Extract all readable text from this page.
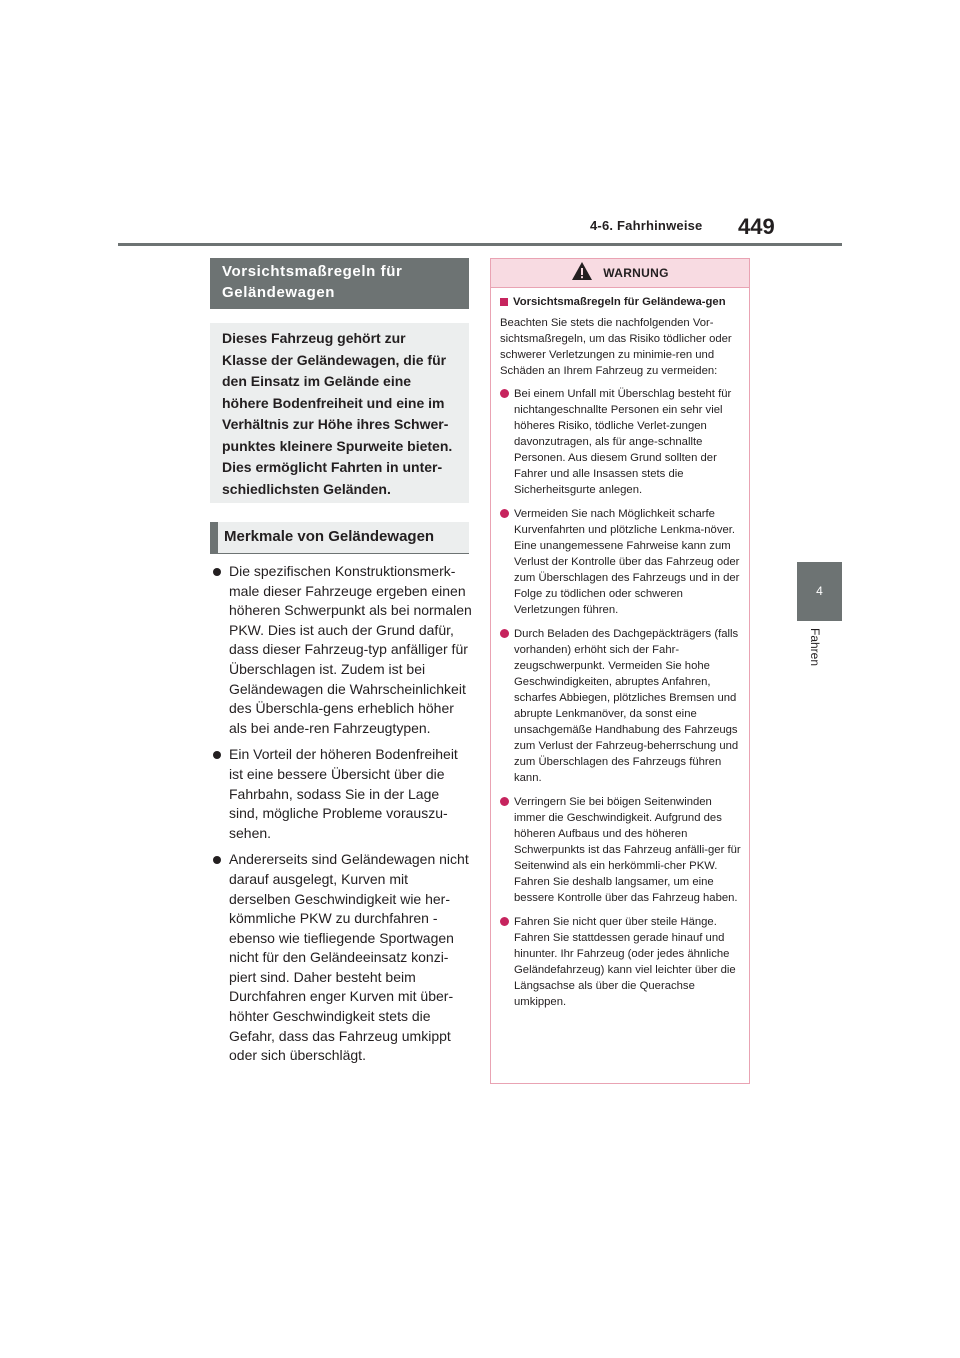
4-6. Fahrhinweise 449
4
Fahren
Vorsichtsmaßregeln für Geländewagen

Dieses Fahrzeug gehört zur

Klasse der Geländewagen, die für

den Einsatz im Gelände eine

höhere Bodenfreiheit und eine im

Verhältnis zur Höhe ihres Schwer-

punktes kleinere Spurweite bieten.

Dies ermöglicht Fahrten in unter-

schiedlichsten Geländen.

Merkmale von Geländewagen
Die spezifischen Konstruktionsmerk-male dieser Fahrzeuge ergeben einen höheren Schwerpunkt als bei normalen PKW. Dies ist auch der Grund dafür, dass dieser Fahrzeug-typ anfälliger für Überschlagen ist. Zudem ist bei Geländewagen die Wahrscheinlichkeit des Überschla-gens erheblich höher als bei ande-ren Fahrzeugtypen.
Ein Vorteil der höheren Bodenfreiheit ist eine bessere Übersicht über die Fahrbahn, sodass Sie in der Lage sind, mögliche Probleme vorauszu-sehen.
Andererseits sind Geländewagen nicht darauf ausgelegt, Kurven mit derselben Geschwindigkeit wie her-kömmliche PKW zu durchfahren - ebenso wie tiefliegende Sportwagen nicht für den Geländeeinsatz konzi-piert sind. Daher besteht beim Durchfahren enger Kurven mit über-höhter Geschwindigkeit stets die Gefahr, dass das Fahrzeug umkippt oder sich überschlägt.
WARNUNG
Vorsichtsmaßregeln für Geländewa-gen

Beachten Sie stets die nachfolgenden Vor-sichtsmaßregeln, um das Risiko tödlicher oder schwerer Verletzungen zu minimie-ren und Schäden an Ihrem Fahrzeug zu vermeiden:

Bei einem Unfall mit Überschlag besteht für nichtangeschnallte Personen ein sehr viel höheres Risiko, tödliche Verlet-zungen davonzutragen, als für ange-schnallte Personen. Aus diesem Grund sollten der Fahrer und alle Insassen stets die Sicherheitsgurte anlegen.
Vermeiden Sie nach Möglichkeit scharfe Kurvenfahrten und plötzliche Lenkma-növer.
Eine unangemessene Fahrweise kann zum Verlust der Kontrolle über das Fahrzeug oder zum Überschlagen des Fahrzeugs und in der Folge zu tödlichen oder schweren Verletzungen führen.
Durch Beladen des Dachgepäckträgers (falls vorhanden) erhöht sich der Fahr-zeugschwerpunkt. Vermeiden Sie hohe Geschwindigkeiten, abruptes Anfahren, scharfes Abbiegen, plötzliches Bremsen und abrupte Lenkmanöver, da sonst eine unsachgemäße Handhabung des Fahrzeugs zum Verlust der Fahrzeug-beherrschung und zum Überschlagen des Fahrzeugs führen kann.
Verringern Sie bei böigen Seitenwinden immer die Geschwindigkeit. Aufgrund des höheren Aufbaus und des höheren Schwerpunkts ist das Fahrzeug anfälli-ger für Seitenwind als ein herkömmli-cher PKW. Fahren Sie deshalb langsamer, um eine bessere Kontrolle über das Fahrzeug haben.
Fahren Sie nicht quer über steile Hänge. Fahren Sie stattdessen gerade hinauf und hinunter. Ihr Fahrzeug (oder jedes ähnliche Geländefahrzeug) kann viel leichter über die Längsachse als über die Querachse umkippen.
